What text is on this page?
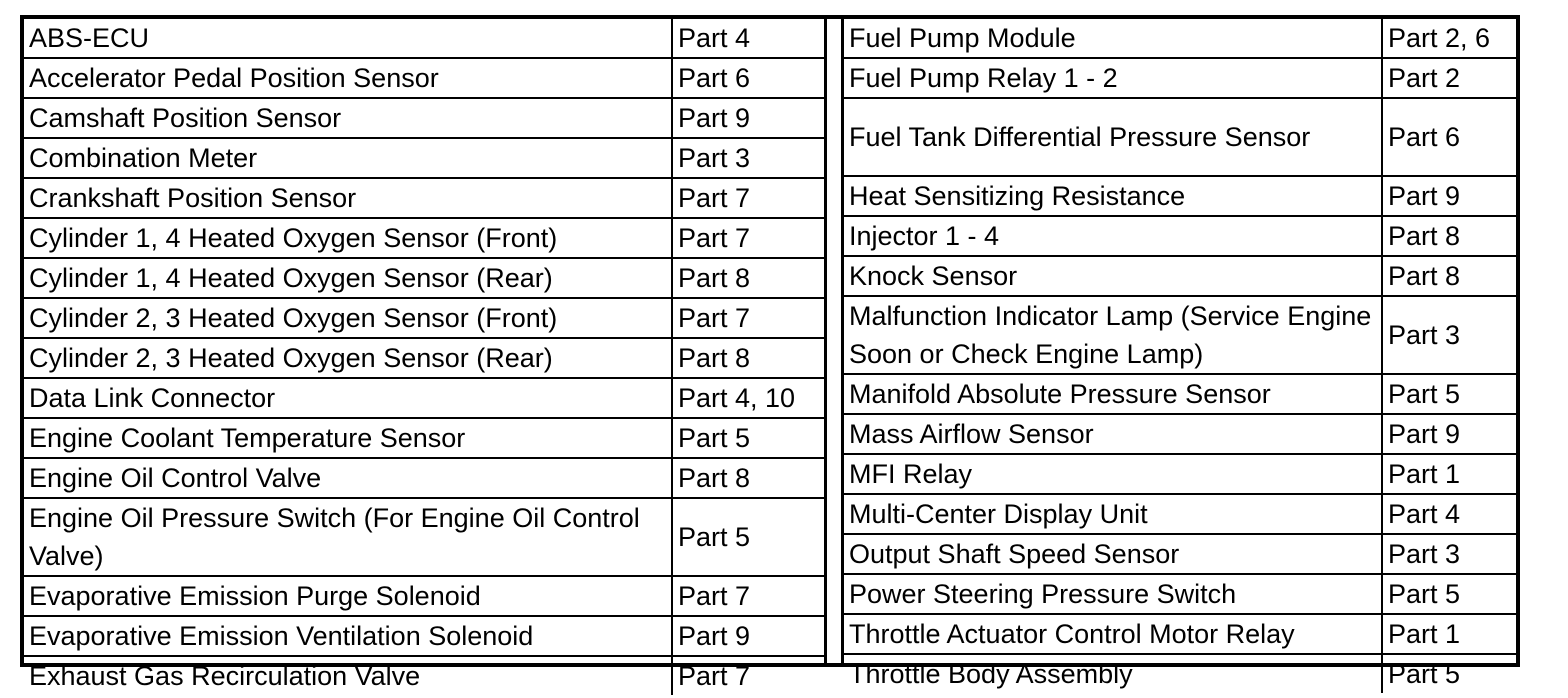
ABS-ECU	Part 4
Accelerator Pedal Position Sensor	Part 6
Camshaft Position Sensor	Part 9
Combination Meter	Part 3
Crankshaft Position Sensor	Part 7
Cylinder 1, 4 Heated Oxygen Sensor (Front)	Part 7
Cylinder 1, 4 Heated Oxygen Sensor (Rear)	Part 8
Cylinder 2, 3 Heated Oxygen Sensor (Front)	Part 7
Cylinder 2, 3 Heated Oxygen Sensor (Rear)	Part 8
Data Link Connector	Part 4, 10
Engine Coolant Temperature Sensor	Part 5
Engine Oil Control Valve	Part 8
Engine Oil Pressure Switch (For Engine Oil Control Valve)	Part 5
Evaporative Emission Purge Solenoid	Part 7
Evaporative Emission Ventilation Solenoid	Part 9
Exhaust Gas Recirculation Valve	Part 7
Fuel Pump Module	Part 2, 6
Fuel Pump Relay 1 - 2	Part 2
Fuel Tank Differential Pressure Sensor	Part 6
Heat Sensitizing Resistance	Part 9
Injector 1 - 4	Part 8
Knock Sensor	Part 8
Malfunction Indicator Lamp (Service Engine Soon or Check Engine Lamp)	Part 3
Manifold Absolute Pressure Sensor	Part 5
Mass Airflow Sensor	Part 9
MFI Relay	Part 1
Multi-Center Display Unit	Part 4
Output Shaft Speed Sensor	Part 3
Power Steering Pressure Switch	Part 5
Throttle Actuator Control Motor Relay	Part 1
Throttle Body Assembly	Part 5
